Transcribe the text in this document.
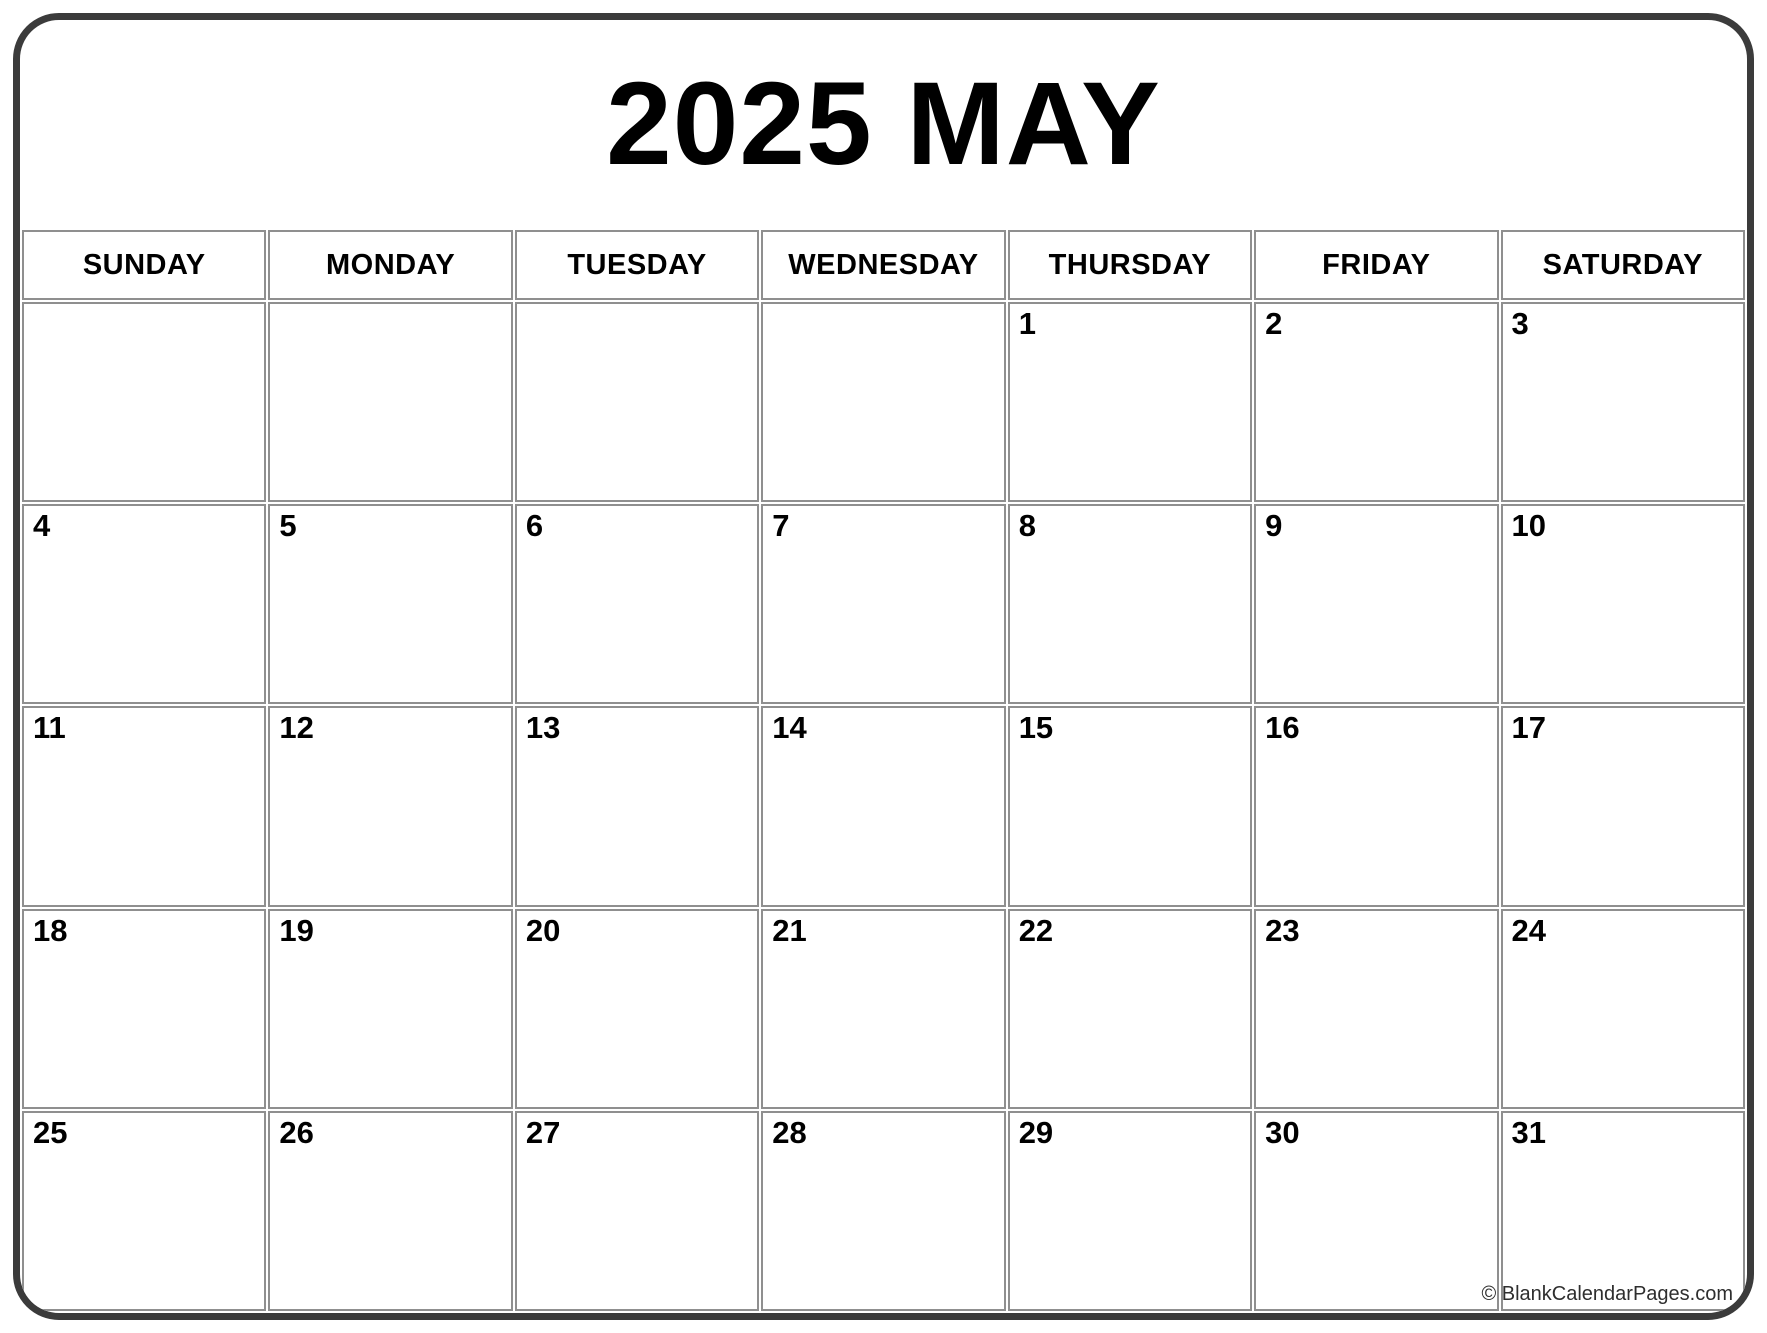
2025 MAY
SUNDAY	MONDAY	TUESDAY	WEDNESDAY	THURSDAY	FRIDAY	SATURDAY
				1	2	3
4	5	6	7	8	9	10
11	12	13	14	15	16	17
18	19	20	21	22	23	24
25	26	27	28	29	30	31
© BlankCalendarPages.com
